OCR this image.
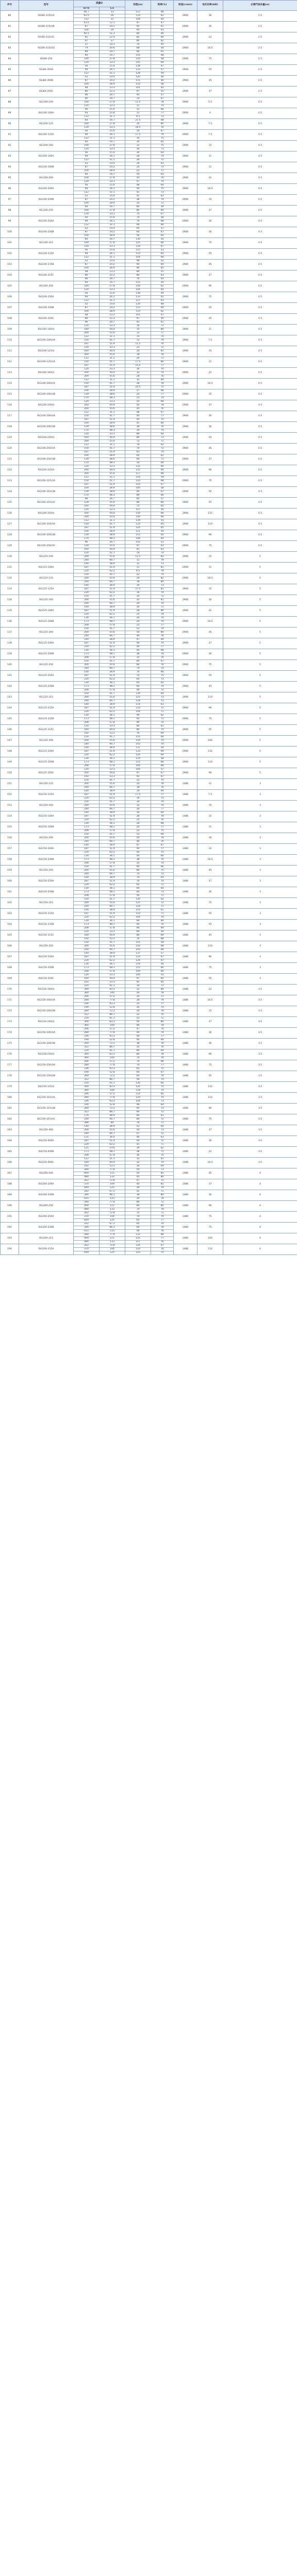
序号	型号	流量Q		扬程(m)	效率(%)	转速(r/min)	电机功率(kW)	必需汽蚀余量(m)
		m³/h	L/s					
80	ISG80-315(I)A	46.7	13	112	48	2900	30	2.5
		93.5	26	110	62			
		112	31	108	64			
81	ISG80-315(I)B	43.5	12.1	97	47	2900	30	2.5
		87	24.2	95	61			
		104	29	93	63			
82	ISG80-315(I)C	40.5	11.3	84	46	2900	22	2.5
		81	22.5	82	60			
		97	27	80	62			
83	ISG80-315(I)D	37	10.3	70	45	2900	18.5	2.5
		74	20.6	68	59			
		89	24.7	66	61			
84	ISG80-350	60	16.7	155	48	2900	75	2.5
		100	27.8	150	58			
		120	33.3	145	60			
85	ISG80-350A	56	15.6	138	47	2900	55	2.5
		94	26.1	133	57			
		112	31.1	128	59			
86	ISG80-350B	52	14.4	120	46	2900	45	2.5
		87	24.2	115	56			
		104	28.9	110	58			
87	ISG80-350C	48	13.3	101	45	2900	37	2.5
		80	22.2	97	55			
		96	26.7	93	57			
88	ISG100-100	60	16.7	14	67	2900	5.5	4.5
		100	27.8	12.5	78			
		120	33.3	11	74			
89	ISG100-100A	56	15.6	12	66	2900	4	4.5
		93	25.8	11	77			
		112	31.1	9.5	73			
90	ISG100-125	60	16.7	21.5	68	2900	7.5	4.5
		100	27.8	20	80			
		120	33.3	18.5	76			
91	ISG100-125A	56	15.6	19	67	2900	7.5	4.5
		94	26.1	17.5	79			
		112	31.1	16	75			
92	ISG100-160	60	16.7	34	65	2900	15	4.5
		100	27.8	32	75			
		120	33.3	30	73			
93	ISG100-160A	56	15.6	30	64	2900	11	4.5
		94	26.1	28	74			
		112	31.1	26	72			
94	ISG100-160B	52	14.4	26	63	2900	11	4.5
		87	24.2	24	73			
		104	28.9	22	71			
95	ISG100-200	60	16.7	54	65	2900	22	4.5
		100	27.8	50	76			
		120	33.3	47	74			
96	ISG100-200A	56	15.6	48	64	2900	18.5	4.5
		94	26.1	44	75			
		112	31.1	41	73			
97	ISG100-200B	52	14.4	41	63	2900	15	4.5
		87	24.2	38	74			
		104	28.9	35	72			
98	ISG100-250	60	16.7	84	59	2900	37	4.5
		100	27.8	80	69			
		120	33.3	75	67			
99	ISG100-250A	56	15.6	74	58	2900	30	4.5
		94	26.1	70	68			
		112	31.1	66	66			
100	ISG100-250B	52	14.4	64	57	2900	30	4.5
		87	24.2	60	67			
		104	28.9	56	65			
101	ISG100-315	60	16.7	130	54	2900	75	4.5
		100	27.8	125	66			
		120	33.3	118	67			
102	ISG100-315A	56	15.6	115	53	2900	55	4.5
		94	26.1	110	65			
		112	31.1	104	66			
103	ISG100-315B	52	14.4	99	52	2900	45	4.5
		87	24.2	95	64			
		104	28.9	90	65			
104	ISG100-315C	48	13.3	84	51	2900	37	4.5
		80	22.2	80	63			
		96	26.7	76	64			
105	ISG100-350	60	16.7	155	50	2900	90	4.5
		100	27.8	150	62			
		120	33.3	144	64			
106	ISG100-350A	56	15.6	138	49	2900	75	4.5
		94	26.1	133	61			
		112	31.1	127	63			
107	ISG100-350B	52	14.4	120	48	2900	55	4.5
		87	24.2	115	60			
		104	28.9	110	62			
108	ISG100-350C	48	13.3	101	47	2900	45	4.5
		80	22.2	97	59			
		96	26.7	93	61			
109	ISG100-100(I)	120	33.3	16	71	2900	11	4.5
		160	44.4	15	80			
		200	55.6	13	77			
110	ISG100-100(I)A	112	31.1	14	70	2900	7.5	4.5
		150	41.7	13	79			
		187	51.9	11.5	76			
111	ISG100-125(I)	120	33.3	23	72	2900	15	4.5
		160	44.4	20	81			
		200	55.6	18	78			
112	ISG100-125(I)A	112	31.1	20	71	2900	11	4.5
		150	41.7	17.5	80			
		187	51.9	15.5	77			
113	ISG100-160(I)	120	33.3	36	70	2900	22	4.5
		160	44.4	32	79			
		200	55.6	28	76			
114	ISG100-160(I)A	112	31.1	32	69	2900	18.5	4.5
		150	41.7	28	78			
		187	51.9	24.5	75			
115	ISG100-160(I)B	104	28.9	27	68	2900	15	4.5
		139	38.6	24	77			
		174	48.3	21	74			
116	ISG100-200(I)	120	33.3	54	68	2900	37	4.5
		160	44.4	50	78			
		200	55.6	45	76			
117	ISG100-200(I)A	112	31.1	48	67	2900	30	4.5
		150	41.7	44	77			
		187	51.9	40	75			
118	ISG100-200(I)B	104	28.9	41	66	2900	30	4.5
		139	38.6	38	76			
		174	48.3	34	74			
119	ISG100-250(I)	120	33.3	86	64	2900	55	4.5
		160	44.4	80	73			
		200	55.6	72	71			
120	ISG100-250(I)A	112	31.1	76	63	2900	45	4.5
		150	41.7	70	72			
		187	51.9	63	70			
121	ISG100-250(I)B	104	28.9	65	62	2900	37	4.5
		139	38.6	60	71			
		174	48.3	54	69			
122	ISG100-315(I)	120	33.3	132	60	2900	90	4.5
		160	44.4	125	69			
		200	55.6	117	68			
123	ISG100-315(I)A	112	31.1	116	59	2900	75	4.5
		150	41.7	110	68			
		187	51.9	103	67			
124	ISG100-315(I)B	104	28.9	100	58	2900	55	4.5
		139	38.6	95	67			
		174	48.3	89	66			
125	ISG100-315(I)C	96	26.7	85	57	2900	55	4.5
		128	35.6	80	66			
		160	44.4	75	65			
126	ISG100-350(I)	120	33.3	157	56	2900	132	4.5
		160	44.4	150	66			
		200	55.6	140	66			
127	ISG100-350(I)A	112	31.1	139	55	2900	110	4.5
		150	41.7	133	65			
		187	51.9	124	65			
128	ISG100-350(I)B	104	28.9	121	54	2900	90	4.5
		139	38.6	115	64			
		174	48.3	108	64			
129	ISG100-350(I)C	96	26.7	102	53	2900	75	4.5
		128	35.6	97	63			
		160	44.4	91	63			
130	ISG125-100	150	41.7	14	74	2900	15	5
		200	55.6	12.5	82			
		240	66.7	11	79			
131	ISG125-100A	140	38.9	12	73	2900	11	5
		187	51.9	11	81			
		224	62.2	9.5	78			
132	ISG125-125	150	41.7	22	74	2900	18.5	5
		200	55.6	20	82			
		240	66.7	18	80			
133	ISG125-125A	140	38.9	19	73	2900	15	5
		187	51.9	17.5	81			
		224	62.2	16	79			
134	ISG125-160	150	41.7	34	72	2900	30	5
		200	55.6	32	81			
		240	66.7	29	79			
135	ISG125-160A	140	38.9	30	71	2900	22	5
		187	51.9	28	80			
		224	62.2	25	78			
136	ISG125-160B	130	36.1	26	70	2900	18.5	5
		173	48.1	24	79			
		208	57.8	22	77			
137	ISG125-200	150	41.7	53	70	2900	45	5
		200	55.6	50	80			
		240	66.7	46	78			
138	ISG125-200A	140	38.9	47	69	2900	37	5
		187	51.9	44	79			
		224	62.2	40	77			
139	ISG125-200B	130	36.1	40	68	2900	30	5
		173	48.1	38	78			
		208	57.8	35	76			
140	ISG125-250	150	41.7	84	67	2900	75	5
		200	55.6	80	76			
		240	66.7	74	74			
141	ISG125-250A	140	38.9	74	66	2900	55	5
		187	51.9	70	75			
		224	62.2	65	73			
142	ISG125-250B	130	36.1	64	65	2900	45	5
		173	48.1	60	74			
		208	57.8	56	72			
143	ISG125-315	150	41.7	130	64	2900	110	5
		200	55.6	125	73			
		240	66.7	118	72			
144	ISG125-315A	140	38.9	114	63	2900	90	5
		187	51.9	110	72			
		224	62.2	104	71			
145	ISG125-315B	130	36.1	99	62	2900	75	5
		173	48.1	95	71			
		208	57.8	90	70			
146	ISG125-315C	120	33.3	84	61	2900	55	5
		160	44.4	80	70			
		192	53.3	76	69			
147	ISG125-350	150	41.7	155	60	2900	160	5
		200	55.6	150	70			
		240	66.7	143	70			
148	ISG125-350A	140	38.9	137	59	2900	132	5
		187	51.9	133	69			
		224	62.2	126	69			
149	ISG125-350B	130	36.1	119	58	2900	110	5
		173	48.1	115	68			
		208	57.8	109	68			
150	ISG125-350C	120	33.3	100	57	2900	90	5
		160	44.4	97	67			
		192	53.3	92	67			
151	ISG150-125	150	41.7	22	70	1480	11	3
		200	55.6	20	78			
		240	66.7	18	76			
152	ISG150-125A	140	38.9	19	69	1480	7.5	3
		187	51.9	17.5	77			
		224	62.2	16	75			
153	ISG150-160	150	41.7	34	70	1480	15	3
		200	55.6	32	79			
		240	66.7	29	77			
154	ISG150-160A	140	38.9	30	69	1480	15	3
		187	51.9	28	78			
		224	62.2	25	76			
155	ISG150-160B	130	36.1	26	68	1480	11	3
		173	48.1	24	77			
		208	57.8	22	75			
156	ISG150-200	150	41.7	53	68	1480	30	3
		200	55.6	50	78			
		240	66.7	46	76			
157	ISG150-200A	140	38.9	47	67	1480	22	3
		187	51.9	44	77			
		224	62.2	40	75			
158	ISG150-200B	130	36.1	40	66	1480	18.5	3
		173	48.1	38	76			
		208	57.8	35	74			
159	ISG150-250	150	41.7	84	66	1480	45	3
		200	55.6	80	75			
		240	66.7	74	73			
160	ISG150-250A	140	38.9	74	65	1480	37	3
		187	51.9	70	74			
		224	62.2	65	72			
161	ISG150-250B	130	36.1	64	64	1480	30	3
		173	48.1	60	73			
		208	57.8	56	71			
162	ISG150-315	150	41.7	130	62	1480	75	3
		200	55.6	125	72			
		240	66.7	118	71			
163	ISG150-315A	140	38.9	114	61	1480	55	3
		187	51.9	110	71			
		224	62.2	104	70			
164	ISG150-315B	130	36.1	99	60	1480	55	3
		173	48.1	95	70			
		208	57.8	90	69			
165	ISG150-315C	120	33.3	84	59	1480	45	3
		160	44.4	80	69			
		192	53.3	76	68			
166	ISG150-350	150	41.7	155	58	1480	110	3
		200	55.6	150	68			
		240	66.7	143	68			
167	ISG150-350A	140	38.9	137	57	1480	90	3
		187	51.9	133	67			
		224	62.2	126	67			
168	ISG150-350B	130	36.1	119	56	1480	75	3
		173	48.1	115	66			
		208	57.8	109	66			
169	ISG150-350C	120	33.3	100	55	1480	55	3
		160	44.4	97	65			
		192	53.3	92	65			
170	ISG150-160(I)	220	61.1	34	72	1480	22	3.5
		300	83.3	32	80			
		360	100	29	78			
171	ISG150-160(I)A	206	57.2	30	71	1480	18.5	3.5
		280	77.8	28	79			
		336	93.3	25	77			
172	ISG150-160(I)B	190	52.8	26	70	1480	15	3.5
		260	72.2	24	78			
		312	86.7	22	76			
173	ISG150-200(I)	220	61.1	53	71	1480	37	3.5
		300	83.3	50	80			
		360	100	46	78			
174	ISG150-200(I)A	206	57.2	47	70	1480	30	3.5
		280	77.8	44	79			
		336	93.3	40	77			
175	ISG150-200(I)B	190	52.8	40	69	1480	30	3.5
		260	72.2	38	78			
		312	86.7	35	76			
176	ISG150-250(I)	220	61.1	84	69	1480	90	3.5
		300	83.3	80	78			
		360	100	74	76			
177	ISG150-250(I)A	206	57.2	74	68	1480	75	3.5
		280	77.8	70	77			
		336	93.3	65	75			
178	ISG150-250(I)B	190	52.8	64	67	1480	55	3.5
		260	72.2	60	76			
		312	86.7	56	74			
179	ISG150-315(I)	220	61.1	130	66	1480	132	3.5
		300	83.3	125	75			
		360	100	118	74			
180	ISG150-315(I)A	206	57.2	114	65	1480	110	3.5
		280	77.8	110	74			
		336	93.3	104	73			
181	ISG150-315(I)B	190	52.8	99	64	1480	90	3.5
		260	72.2	95	73			
		312	86.7	90	72			
182	ISG150-315(I)C	176	48.9	84	63	1480	75	3.5
		240	66.7	80	72			
		288	80	76	71			
183	ISG150-400	140	38.9	52	64	1480	37	3.5
		200	55.6	50	73			
		240	66.7	47	72			
184	ISG150-400A	131	36.4	46	63	1480	30	3.5
		187	51.9	44	72			
		224	62.2	41	71			
185	ISG150-400B	121	33.6	39	62	1480	22	3.5
		173	48.1	38	71			
		208	57.8	36	70			
186	ISG150-400C	112	31.1	33	61	1480	18.5	3.5
		160	44.4	32	70			
		192	53.3	30	69			
187	ISG200-200	280	77.8	54	73	1480	45	4
		400	111	50	82			
		480	133	45	80			
188	ISG200-200A	262	72.8	47	72	1480	37	4
		374	104	44	81			
		449	125	39	79			
189	ISG200-200B	242	67.2	41	71	1480	30	4
		346	96.1	38	80			
		415	115	34	78			
190	ISG200-250	280	77.8	86	72	1480	90	4
		400	111	80	80			
		480	133	74	78			
191	ISG200-250A	262	72.8	75	71	1480	75	4
		374	104	70	79			
		449	125	65	77			
192	ISG200-250B	242	67.2	65	70	1480	75	4
		346	96.1	60	78			
		415	115	56	76			
193	ISG200-315	280	77.8	132	68	1480	160	4
		400	111	125	77			
		480	133	117	76			
194	ISG200-315A	262	72.8	116	67	1480	132	4
		374	104	110	76			
		449	125	103	75			
